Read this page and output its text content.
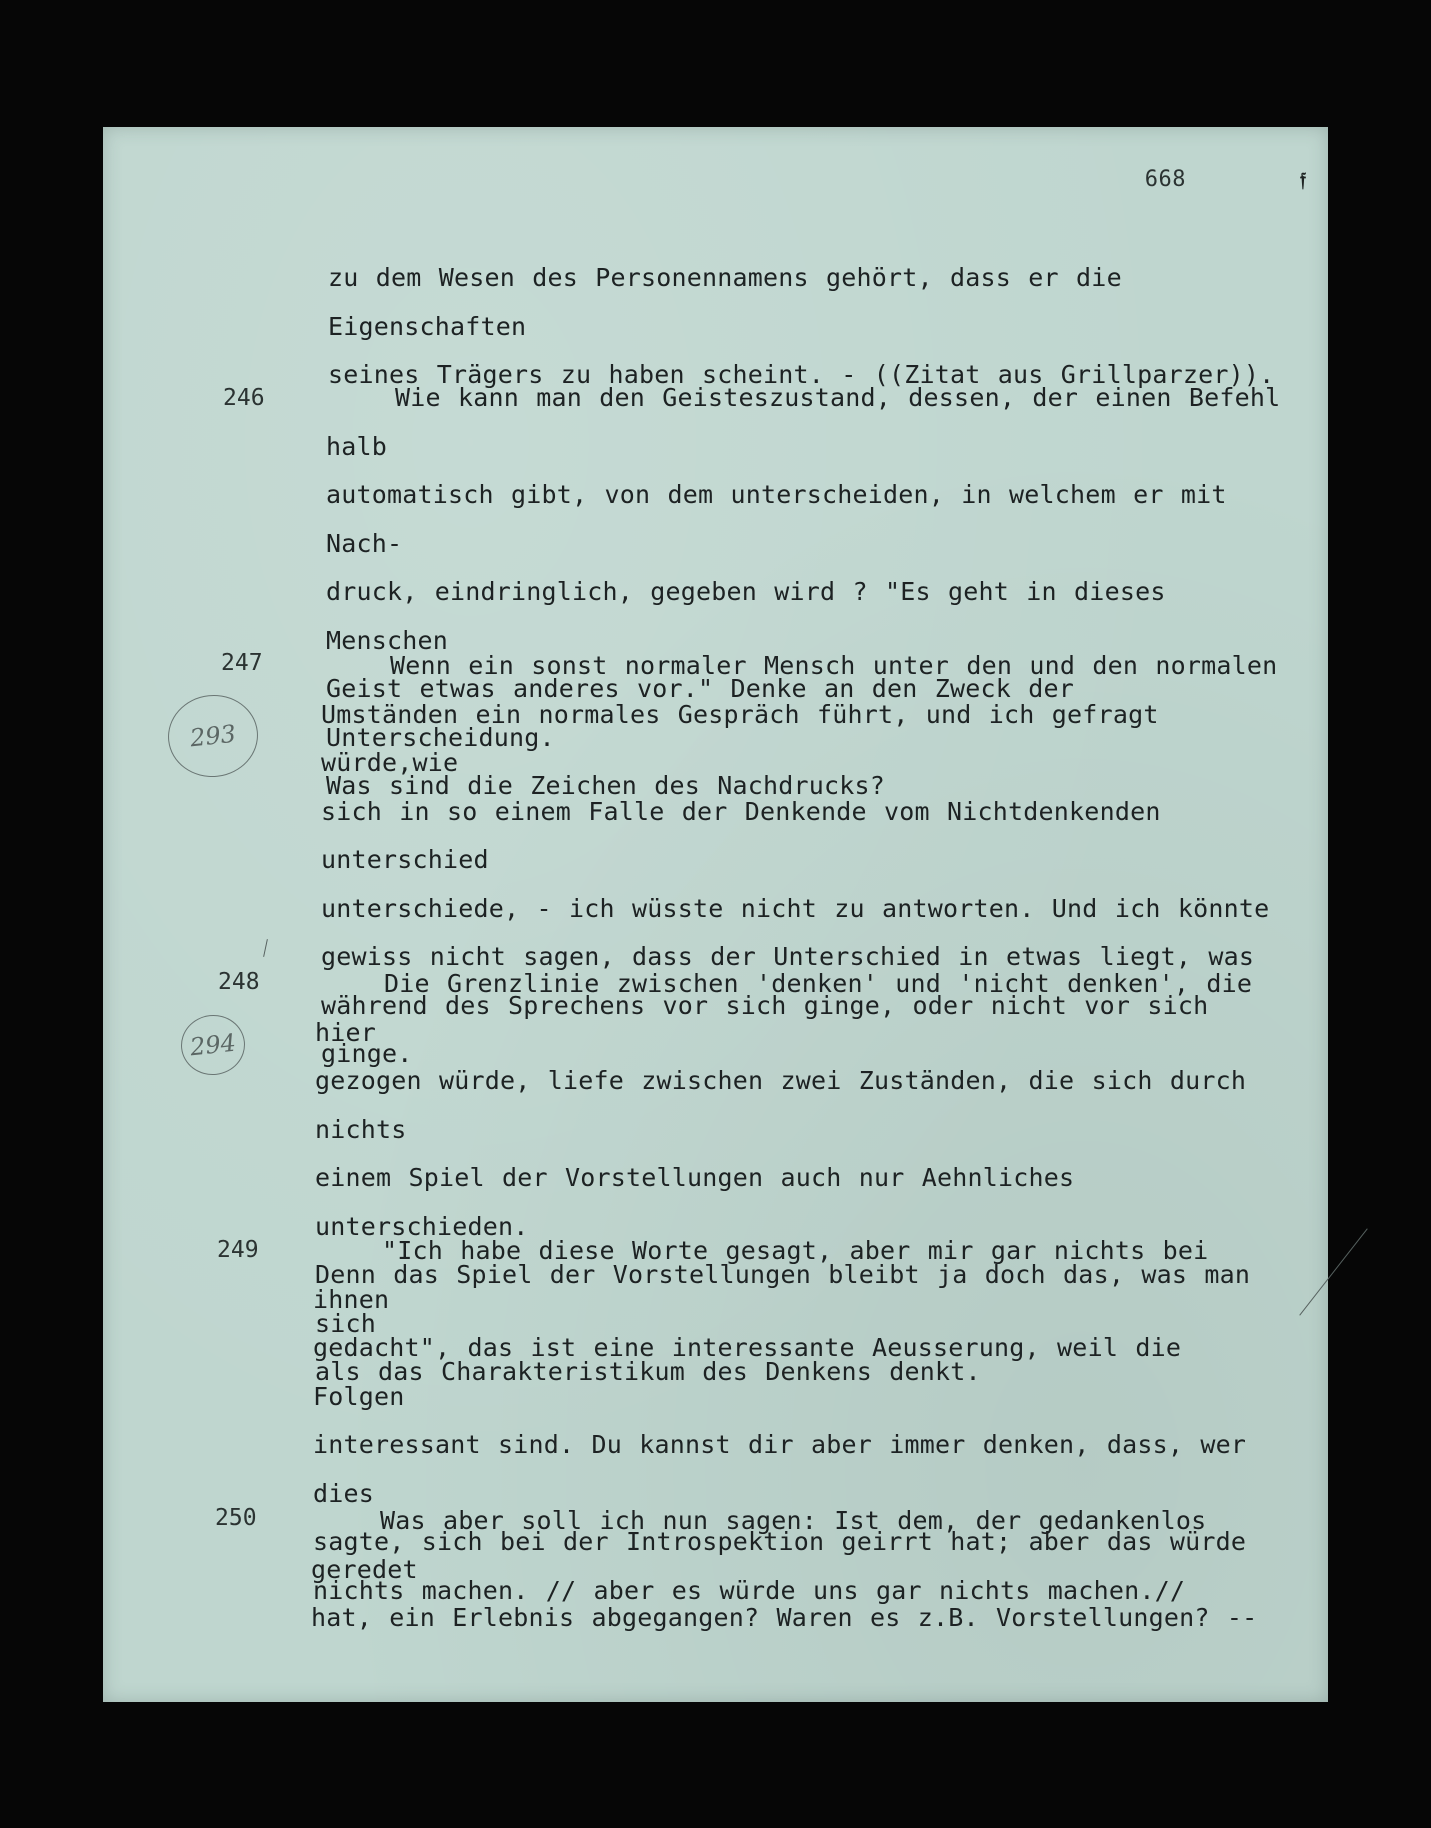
668	𝔣
zu dem Wesen des Personennamens gehört, dass er die Eigenschaften
seines Trägers zu haben scheint. - ((Zitat aus Grillparzer)).
246	Wie kann man den Geisteszustand, dessen, der einen Befehl halb
automatisch gibt, von dem unterscheiden, in welchem er mit Nach-
druck, eindringlich, gegeben wird ? "Es geht in dieses Menschen
Geist etwas anderes vor." Denke an den Zweck der Unterscheidung.
Was sind die Zeichen des Nachdrucks?
247
293
Wenn ein sonst normaler Mensch unter den und den normalen
Umständen ein normales Gespräch führt, und ich gefragt würde,wie
sich in so einem Falle der Denkende vom Nichtdenkenden unterschied
unterschiede, - ich wüsste nicht zu antworten. Und ich könnte
gewiss nicht sagen, dass der Unterschied in etwas liegt, was
während des Sprechens vor sich ginge, oder nicht vor sich ginge.
248
294
Die Grenzlinie zwischen 'denken' und 'nicht denken', die hier
gezogen würde, liefe zwischen zwei Zuständen, die sich durch nichts
einem Spiel der Vorstellungen auch nur Aehnliches unterschieden.
Denn das Spiel der Vorstellungen bleibt ja doch das, was man sich
als das Charakteristikum des Denkens denkt.
249	"Ich habe diese Worte gesagt, aber mir gar nichts bei ihnen
gedacht", das ist eine interessante Aeusserung, weil die Folgen
interessant sind. Du kannst dir aber immer denken, dass, wer dies
sagte, sich bei der Introspektion geirrt hat; aber das würde
nichts machen. // aber es würde uns gar nichts machen.//
250	Was aber soll ich nun sagen: Ist dem, der gedankenlos geredet
hat, ein Erlebnis abgegangen? Waren es z.B. Vorstellungen? --
